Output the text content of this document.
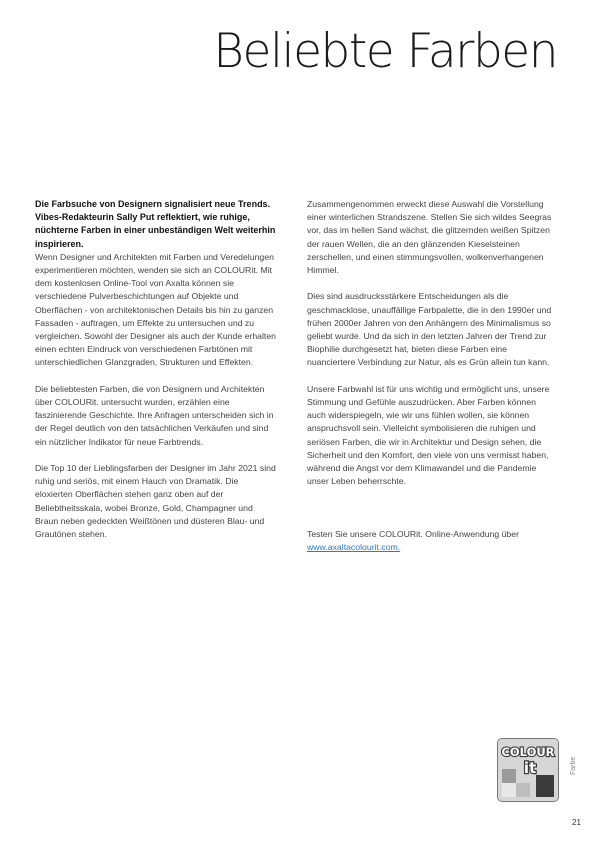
Beliebte Farben

Die Farbsuche von Designern signalisiert neue Trends.

Vibes-Redakteurin Sally Put reflektiert, wie ruhige, nüchterne Farben in einer unbeständigen Welt weiterhin inspirieren.

Wenn Designer und Architekten mit Farben und Veredelungen experimentieren möchten, wenden sie sich an COLOURit. Mit dem kostenlosen Online-Tool von Axalta können sie verschiedene Pulverbeschichtungen auf Objekte und Oberflächen - von architektonischen Details bis hin zu ganzen Fassaden - auftragen, um Effekte zu untersuchen und zu vergleichen. Sowohl der Designer als auch der Kunde erhalten einen echten Eindruck von verschiedenen Farbtönen mit unterschiedlichen Glanzgraden, Strukturen und Effekten.

Die beliebtesten Farben, die von Designern und Architekten über COLOURit. untersucht wurden, erzählen eine faszinierende Geschichte. Ihre Anfragen unterscheiden sich in der Regel deutlich von den tatsächlichen Verkäufen und sind ein nützlicher Indikator für neue Farbtrends.

Die Top 10 der Lieblingsfarben der Designer im Jahr 2021 sind ruhig und seriös, mit einem Hauch von Dramatik. Die eloxierten Oberflächen stehen ganz oben auf der Beliebtheitsskala, wobei Bronze, Gold, Champagner und Braun neben gedeckten Weißtönen und düsteren Blau- und Grautönen stehen.

Zusammengenommen erweckt diese Auswahl die Vorstellung einer winterlichen Strandszene. Stellen Sie sich wildes Seegras vor, das im hellen Sand wächst, die glitzernden weißen Spitzen der rauen Wellen, die an den glänzenden Kieselsteinen zerschellen, und einen stimmungsvollen, wolkenverhangenen Himmel.

Dies sind ausdrucksstärkere Entscheidungen als die geschmacklose, unauffällige Farbpalette, die in den 1990er und frühen 2000er Jahren von den Anhängern des Minimalismus so geliebt wurde. Und da sich in den letzten Jahren der Trend zur Biophilie durchgesetzt hat, bieten diese Farben eine nuanciertere Verbindung zur Natur, als es Grün allein tun kann.

Unsere Farbwahl ist für uns wichtig und ermöglicht uns, unsere Stimmung und Gefühle auszudrücken. Aber Farben können auch widerspiegeln, wie wir uns fühlen wollen, sie können anspruchsvoll sein. Vielleicht symbolisieren die ruhigen und seriösen Farben, die wir in Architektur und Design sehen, die Sicherheit und den Komfort, den viele von uns vermisst haben, während die Angst vor dem Klimawandel und die Pandemie unser Leben beherrschte.

Testen Sie unsere COLOURit. Online-Anwendung über
www.axaltacolourit.com.

COLOUR
it	Farbe
21
